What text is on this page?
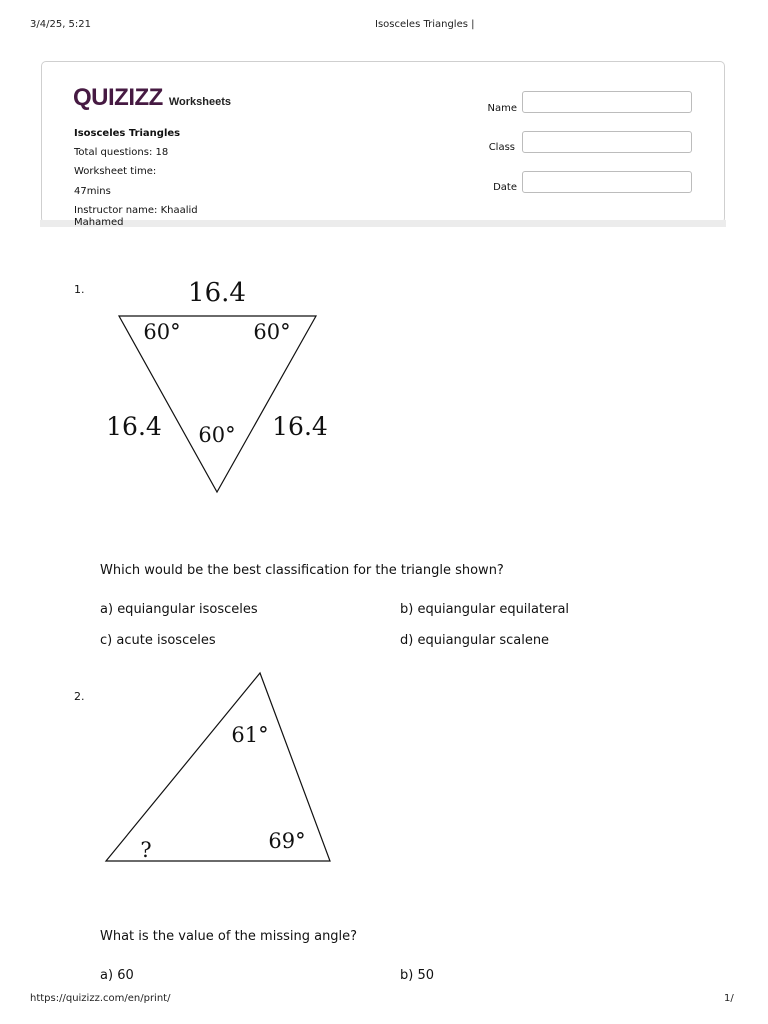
3/4/25, 5:21	Isosceles Triangles |
QUIZIZZ Worksheets
Isosceles Triangles
Total questions: 18
Worksheet time:
47mins
Instructor name: Khaalid Mahamed
Name
Class
Date
1.	16.4
60°	60°
16.4 60° 16.4
61°
69°
?
Which would be the best classification for the triangle shown?
a) equiangular isosceles	b) equiangular equilateral
c) acute isosceles	d) equiangular scalene
2.
What is the value of the missing angle?
a) 60	b) 50
https://quizizz.com/en/print/	1/
